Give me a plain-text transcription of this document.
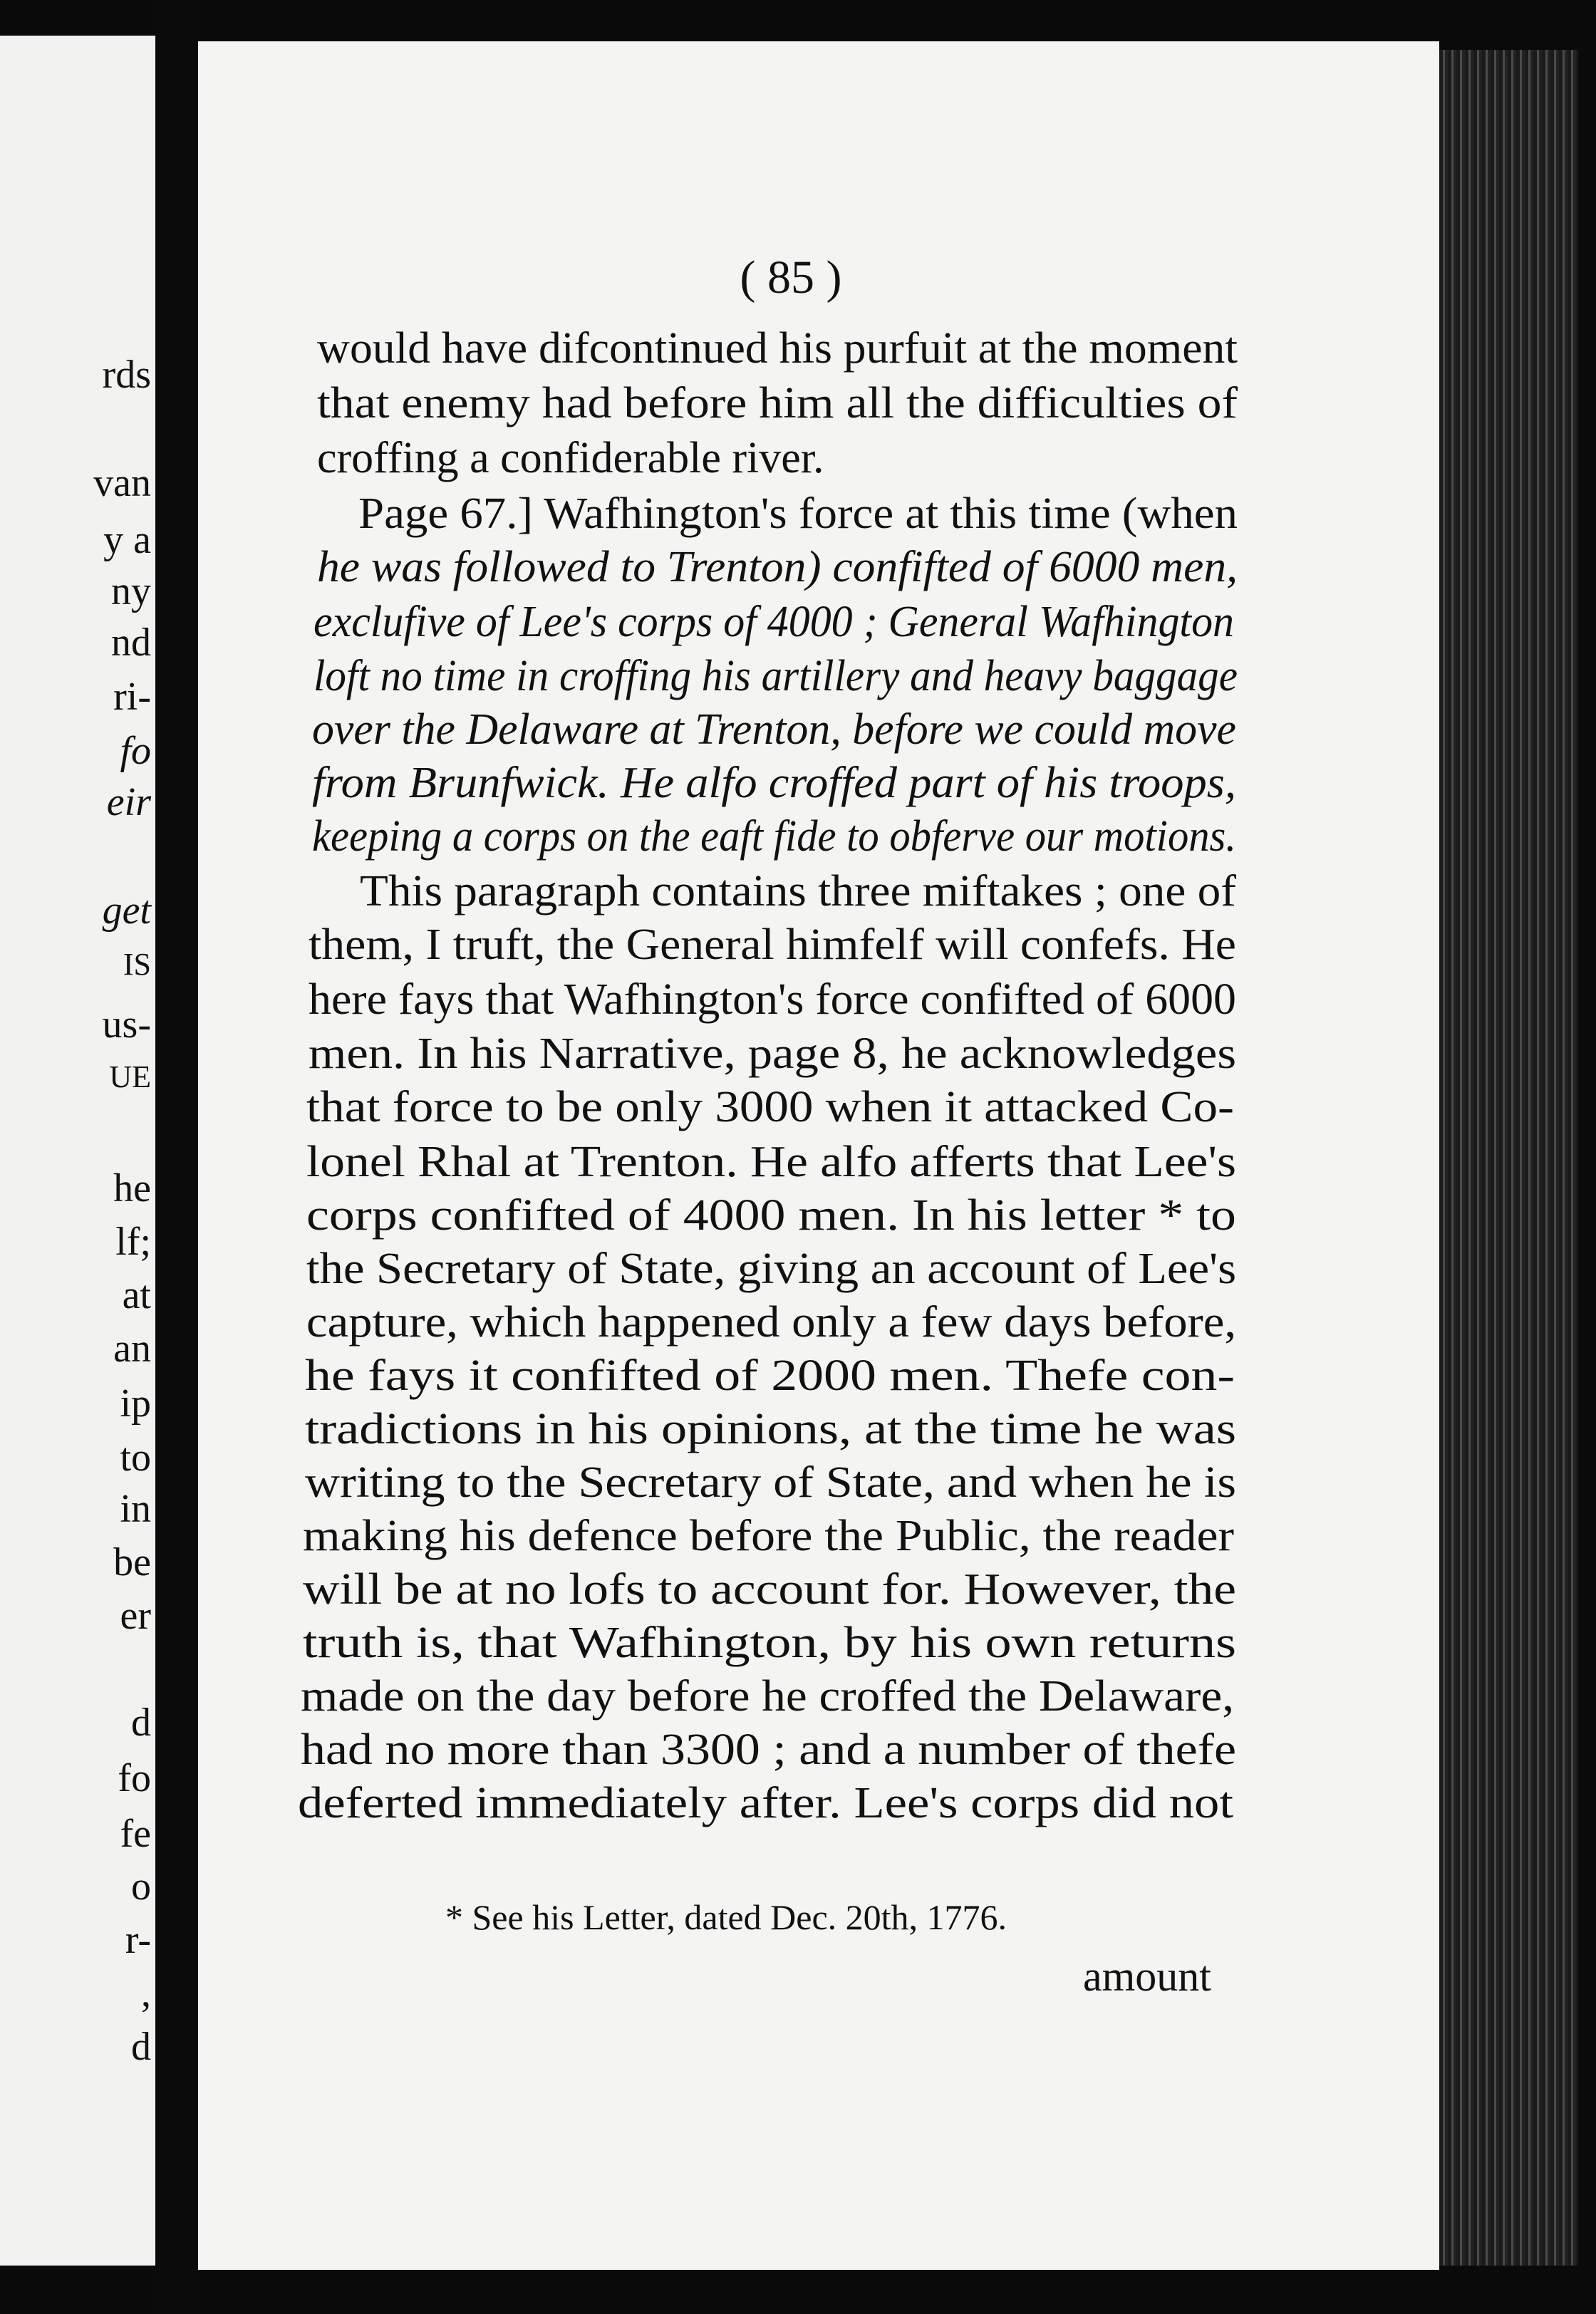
rds
van
y a
ny
nd
ri-
fo
eir
get
IS
us-
UE
he
lf;
at
an
ip
to
in
be
er
d
fo
fe
o
r-
,
d
( 85 )
would have difcontinued his purfuit at the moment
that enemy had before him all the difficulties of
croffing a confiderable river.
Page 67.] Wafhington's force at this time (when
he was followed to Trenton) confifted of 6000 men,
exclufive of Lee's corps of 4000 ; General Wafhington
loft no time in croffing his artillery and heavy baggage
over the Delaware at Trenton, before we could move
from Brunfwick. He alfo croffed part of his troops,
keeping a corps on the eaft fide to obferve our motions.
This paragraph contains three miftakes ; one of
them, I truft, the General himfelf will confefs. He
here fays that Wafhington's force confifted of 6000
men. In his Narrative, page 8, he acknowledges
that force to be only 3000 when it attacked Co-
lonel Rhal at Trenton. He alfo afferts that Lee's
corps confifted of 4000 men. In his letter * to
the Secretary of State, giving an account of Lee's
capture, which happened only a few days before,
he fays it confifted of 2000 men. Thefe con-
tradictions in his opinions, at the time he was
writing to the Secretary of State, and when he is
making his defence before the Public, the reader
will be at no lofs to account for. However, the
truth is, that Wafhington, by his own returns
made on the day before he croffed the Delaware,
had no more than 3300 ; and a number of thefe
deferted immediately after. Lee's corps did not
* See his Letter, dated Dec. 20th, 1776.
amount
